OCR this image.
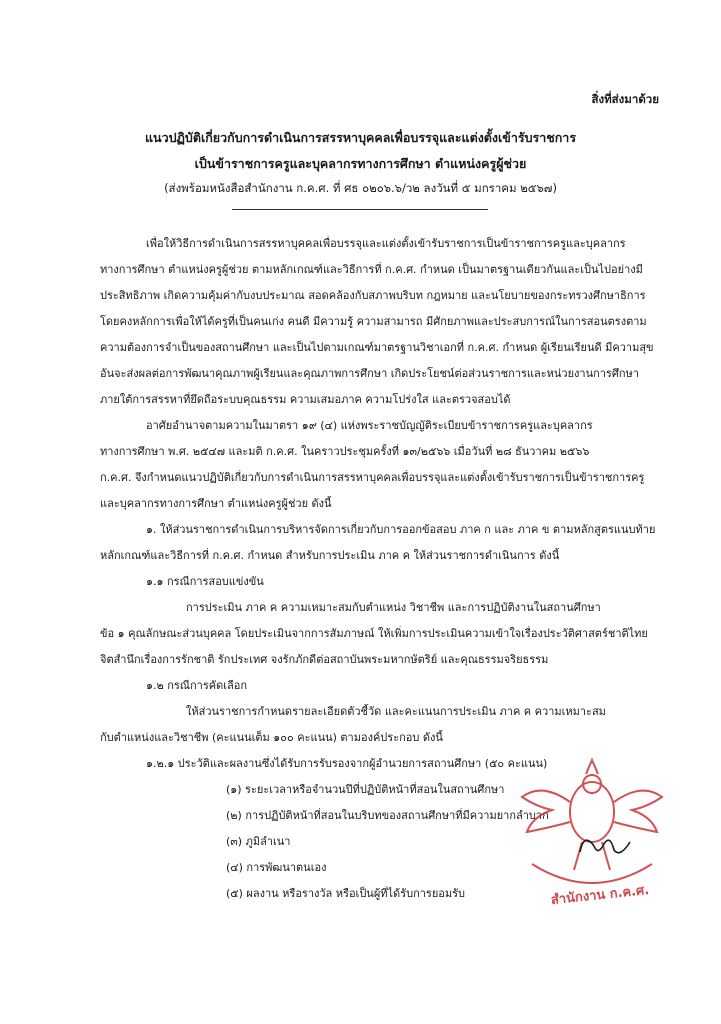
สิ่งที่ส่งมาด้วย
แนวปฏิบัติเกี่ยวกับการดำเนินการสรรหาบุคคลเพื่อบรรจุและแต่งตั้งเข้ารับราชการ
เป็นข้าราชการครูและบุคลากรทางการศึกษา ตำแหน่งครูผู้ช่วย
(ส่งพร้อมหนังสือสำนักงาน ก.ค.ศ. ที่ ศธ ๐๒๐๖.๖/ว๒ ลงวันที่ ๕ มกราคม ๒๕๖๗)
เพื่อให้วิธีการดำเนินการสรรหาบุคคลเพื่อบรรจุและแต่งตั้งเข้ารับราชการเป็นข้าราชการครูและบุคลากร
ทางการศึกษา ตำแหน่งครูผู้ช่วย ตามหลักเกณฑ์และวิธีการที่ ก.ค.ศ. กำหนด เป็นมาตรฐานเดียวกันและเป็นไปอย่างมี
ประสิทธิภาพ เกิดความคุ้มค่ากับงบประมาณ สอดคล้องกับสภาพบริบท กฎหมาย และนโยบายของกระทรวงศึกษาธิการ
โดยคงหลักการเพื่อให้ได้ครูที่เป็นคนเก่ง คนดี มีความรู้ ความสามารถ มีศักยภาพและประสบการณ์ในการสอนตรงตาม
ความต้องการจำเป็นของสถานศึกษา และเป็นไปตามเกณฑ์มาตรฐานวิชาเอกที่ ก.ค.ศ. กำหนด ผู้เรียนเรียนดี มีความสุข
อันจะส่งผลต่อการพัฒนาคุณภาพผู้เรียนและคุณภาพการศึกษา เกิดประโยชน์ต่อส่วนราชการและหน่วยงานการศึกษา
ภายใต้การสรรหาที่ยึดถือระบบคุณธรรม ความเสมอภาค ความโปร่งใส และตรวจสอบได้
อาศัยอำนาจตามความในมาตรา ๑๙ (๔) แห่งพระราชบัญญัติระเบียบข้าราชการครูและบุคลากร
ทางการศึกษา พ.ศ. ๒๕๔๗ และมติ ก.ค.ศ. ในคราวประชุมครั้งที่ ๑๓/๒๕๖๖ เมื่อวันที่ ๒๘ ธันวาคม ๒๕๖๖
ก.ค.ศ. จึงกำหนดแนวปฏิบัติเกี่ยวกับการดำเนินการสรรหาบุคคลเพื่อบรรจุและแต่งตั้งเข้ารับราชการเป็นข้าราชการครู
และบุคลากรทางการศึกษา ตำแหน่งครูผู้ช่วย ดังนี้
๑. ให้ส่วนราชการดำเนินการบริหารจัดการเกี่ยวกับการออกข้อสอบ ภาค ก และ ภาค ข ตามหลักสูตรแนบท้าย
หลักเกณฑ์และวิธีการที่ ก.ค.ศ. กำหนด สำหรับการประเมิน ภาค ค ให้ส่วนราชการดำเนินการ ดังนี้
๑.๑ กรณีการสอบแข่งขัน
การประเมิน ภาค ค ความเหมาะสมกับตำแหน่ง วิชาชีพ และการปฏิบัติงานในสถานศึกษา
ข้อ ๑ คุณลักษณะส่วนบุคคล โดยประเมินจากการสัมภาษณ์ ให้เพิ่มการประเมินความเข้าใจเรื่องประวัติศาสตร์ชาติไทย
จิตสำนึกเรื่องการรักชาติ รักประเทศ จงรักภักดีต่อสถาบันพระมหากษัตริย์ และคุณธรรมจริยธรรม
๑.๒ กรณีการคัดเลือก
ให้ส่วนราชการกำหนดรายละเอียดตัวชี้วัด และคะแนนการประเมิน ภาค ค ความเหมาะสม
กับตำแหน่งและวิชาชีพ (คะแนนเต็ม ๑๐๐ คะแนน) ตามองค์ประกอบ ดังนี้
๑.๒.๑ ประวัติและผลงานซึ่งได้รับการรับรองจากผู้อำนวยการสถานศึกษา (๕๐ คะแนน)
(๑) ระยะเวลาหรือจำนวนปีที่ปฏิบัติหน้าที่สอนในสถานศึกษา
(๒) การปฏิบัติหน้าที่สอนในบริบทของสถานศึกษาที่มีความยากลำบาก
(๓) ภูมิลำเนา
(๔) การพัฒนาตนเอง
(๕) ผลงาน หรือรางวัล หรือเป็นผู้ที่ได้รับการยอมรับ	สำนักงาน ก.ค.ศ.
